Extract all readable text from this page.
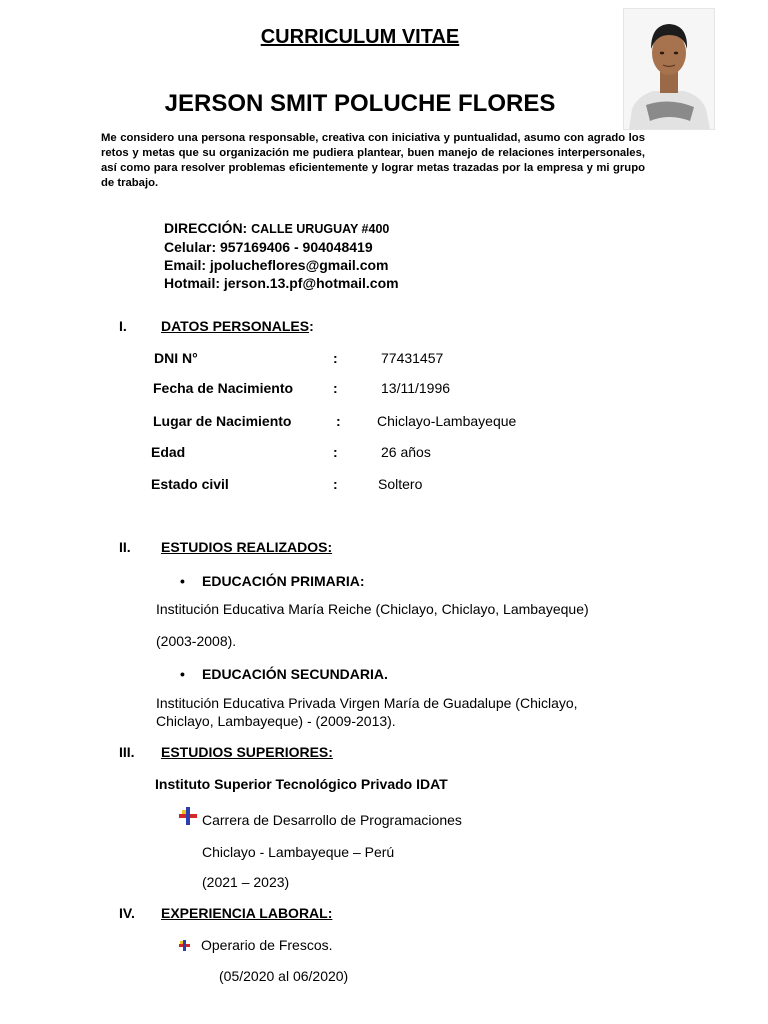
CURRICULUM VITAE
JERSON SMIT POLUCHE FLORES
Me considero una persona responsable, creativa con iniciativa y puntualidad, asumo con agrado los retos y metas que su organización me pudiera plantear, buen manejo de relaciones interpersonales, así como para resolver problemas eficientemente y lograr metas trazadas por la empresa y mi grupo de trabajo.
DIRECCIÓN: CALLE URUGUAY #400
Celular: 957169406 - 904048419
Email: jpolucheflores@gmail.com
Hotmail: jerson.13.pf@hotmail.com
I. DATOS PERSONALES:
DNI N°	:	77431457
Fecha de Nacimiento	:	13/11/1996
Lugar de Nacimiento	:	Chiclayo-Lambayeque
Edad	:	26 años
Estado civil	:	Soltero
II. ESTUDIOS REALIZADOS:
• EDUCACIÓN PRIMARIA:
Institución Educativa María Reiche (Chiclayo, Chiclayo, Lambayeque)
(2003-2008).
• EDUCACIÓN SECUNDARIA.
Institución Educativa Privada Virgen María de Guadalupe (Chiclayo,
Chiclayo, Lambayeque) - (2009-2013).
III. ESTUDIOS SUPERIORES:
Instituto Superior Tecnológico Privado IDAT
Carrera de Desarrollo de Programaciones
Chiclayo - Lambayeque – Perú
(2021 – 2023)
IV. EXPERIENCIA LABORAL:
Operario de Frescos.
(05/2020 al 06/2020)
